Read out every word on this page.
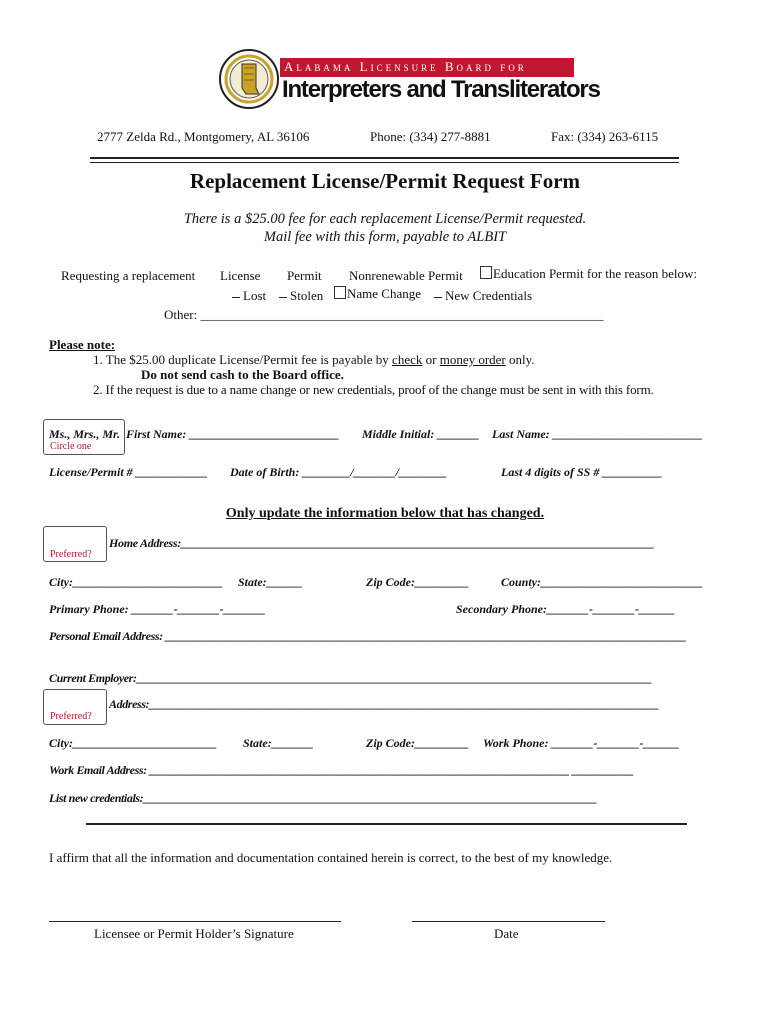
Alabama Licensure Board for
Interpreters and Transliterators
2777 Zelda Rd., Montgomery, AL 36106	Phone: (334) 277-8881	Fax: (334) 263-6115
Replacement License/Permit Request Form
There is a $25.00 fee for each replacement License/Permit requested.
Mail fee with this form, payable to ALBIT
Requesting a replacement License Permit Nonrenewable Permit	Education Permit for the reason below:
Lost	Stolen	Name Change	New Credentials
Other: ______________________________________________________________
Please note:
1. The $25.00 duplicate License/Permit fee is payable by check or money order only.
Do not send cash to the Board office.
2. If the request is due to a name change or new credentials, proof of the change must be sent in with this form.
Ms., Mrs., Mr.
Circle one
First Name: _________________________ Middle Initial: _______ Last Name: _________________________
License/Permit # ____________ Date of Birth: ________/_______/________	Last 4 digits of SS # __________
Only update the information below that has changed.
Home Address:___________________________________________________________________________________
Preferred?
City:_________________________ State:______	Zip Code:_________	County:___________________________
Primary Phone: _______-_______-_______	Secondary Phone:_______-_______-______
Personal Email Address: _____________________________________________________________________________________________
Current Employer:____________________________________________________________________________________________
Address:___________________________________________________________________________________________
Preferred?
City:________________________ State:_______	Zip Code:_________ Work Phone: _______-_______-______
Work Email Address: ___________________________________________________________________________ ___________
List new credentials:_________________________________________________________________________________
I affirm that all the information and documentation contained herein is correct, to the best of my knowledge.
Licensee or Permit Holder’s Signature	Date
